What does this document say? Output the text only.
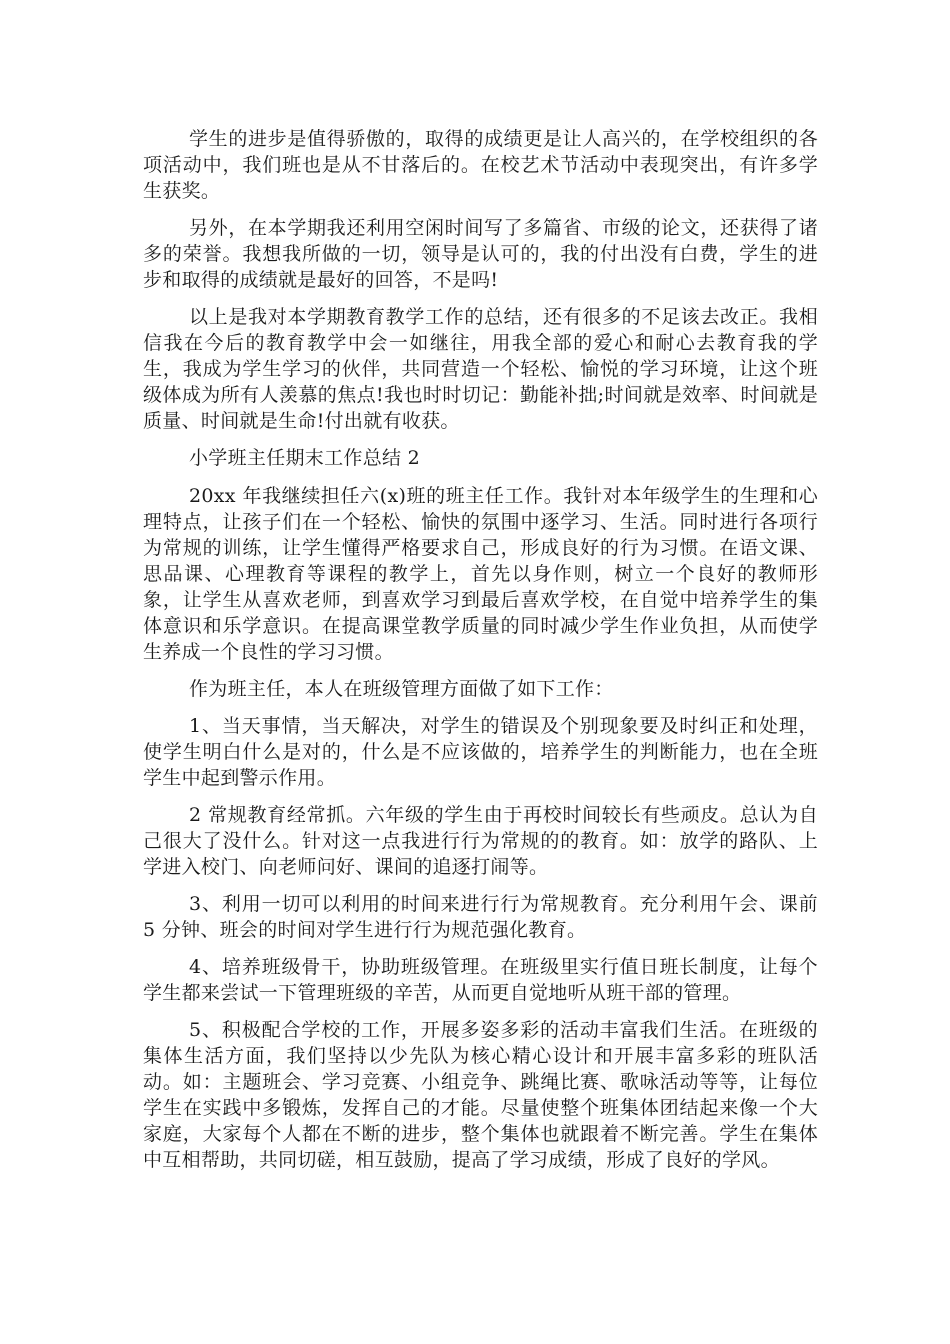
学生的进步是值得骄傲的，取得的成绩更是让人高兴的，在学校组织的各项活动中，我们班也是从不甘落后的。在校艺术节活动中表现突出，有许多学生获奖。

另外，在本学期我还利用空闲时间写了多篇省、市级的论文，还获得了诸多的荣誉。我想我所做的一切，领导是认可的，我的付出没有白费，学生的进步和取得的成绩就是最好的回答，不是吗!

以上是我对本学期教育教学工作的总结，还有很多的不足该去改正。我相信我在今后的教育教学中会一如继往，用我全部的爱心和耐心去教育我的学生，我成为学生学习的伙伴，共同营造一个轻松、愉悦的学习环境，让这个班级体成为所有人羡慕的焦点!我也时时切记：勤能补拙;时间就是效率、时间就是质量、时间就是生命!付出就有收获。

小学班主任期末工作总结 2

20xx 年我继续担任六(x)班的班主任工作。我针对本年级学生的生理和心理特点，让孩子们在一个轻松、愉快的氛围中逐学习、生活。同时进行各项行为常规的训练，让学生懂得严格要求自己，形成良好的行为习惯。在语文课、思品课、心理教育等课程的教学上，首先以身作则，树立一个良好的教师形象，让学生从喜欢老师，到喜欢学习到最后喜欢学校，在自觉中培养学生的集体意识和乐学意识。在提高课堂教学质量的同时减少学生作业负担，从而使学生养成一个良性的学习习惯。

作为班主任，本人在班级管理方面做了如下工作：

1、当天事情，当天解决，对学生的错误及个别现象要及时纠正和处理，使学生明白什么是对的，什么是不应该做的，培养学生的判断能力，也在全班学生中起到警示作用。

2 常规教育经常抓。六年级的学生由于再校时间较长有些顽皮。总认为自己很大了没什么。针对这一点我进行行为常规的的教育。如：放学的路队、上学进入校门、向老师问好、课间的追逐打闹等。

3、利用一切可以利用的时间来进行行为常规教育。充分利用午会、课前 5 分钟、班会的时间对学生进行行为规范强化教育。

4、培养班级骨干，协助班级管理。在班级里实行值日班长制度，让每个学生都来尝试一下管理班级的辛苦，从而更自觉地听从班干部的管理。

5、积极配合学校的工作，开展多姿多彩的活动丰富我们生活。在班级的集体生活方面，我们坚持以少先队为核心精心设计和开展丰富多彩的班队活动。如：主题班会、学习竞赛、小组竞争、跳绳比赛、歌咏活动等等，让每位学生在实践中多锻炼，发挥自己的才能。尽量使整个班集体团结起来像一个大家庭，大家每个人都在不断的进步，整个集体也就跟着不断完善。学生在集体中互相帮助，共同切磋，相互鼓励，提高了学习成绩，形成了良好的学风。
